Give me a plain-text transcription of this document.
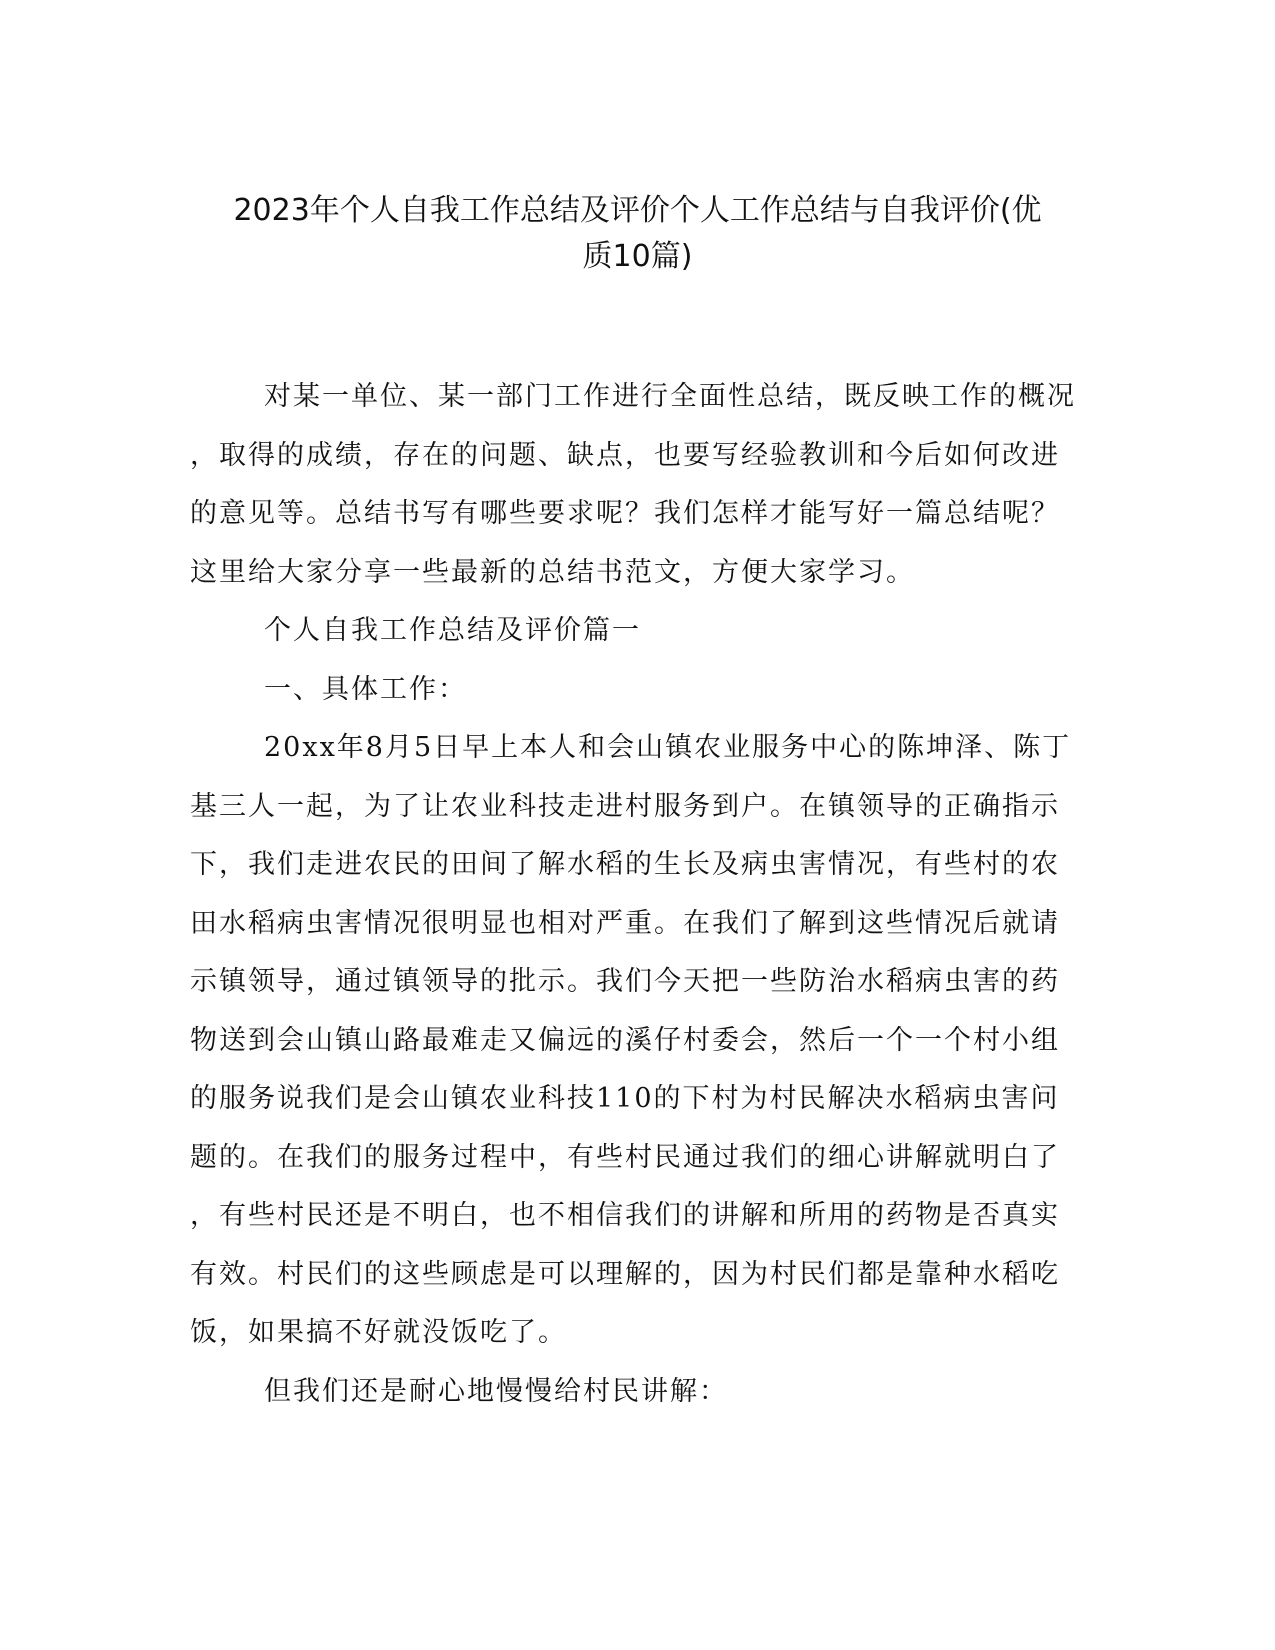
2023年个人自我工作总结及评价个人工作总结与自我评价(优
质10篇)

对某一单位、某一部门工作进行全面性总结，既反映工作的概况
，取得的成绩，存在的问题、缺点，也要写经验教训和今后如何改进
的意见等。总结书写有哪些要求呢？我们怎样才能写好一篇总结呢？
这里给大家分享一些最新的总结书范文，方便大家学习。

个人自我工作总结及评价篇一

一、具体工作：

20xx年8月5日早上本人和会山镇农业服务中心的陈坤泽、陈丁
基三人一起，为了让农业科技走进村服务到户。在镇领导的正确指示
下，我们走进农民的田间了解水稻的生长及病虫害情况，有些村的农
田水稻病虫害情况很明显也相对严重。在我们了解到这些情况后就请
示镇领导，通过镇领导的批示。我们今天把一些防治水稻病虫害的药
物送到会山镇山路最难走又偏远的溪仔村委会，然后一个一个村小组
的服务说我们是会山镇农业科技110的下村为村民解决水稻病虫害问
题的。在我们的服务过程中，有些村民通过我们的细心讲解就明白了
，有些村民还是不明白，也不相信我们的讲解和所用的药物是否真实
有效。村民们的这些顾虑是可以理解的，因为村民们都是靠种水稻吃
饭，如果搞不好就没饭吃了。

但我们还是耐心地慢慢给村民讲解：
